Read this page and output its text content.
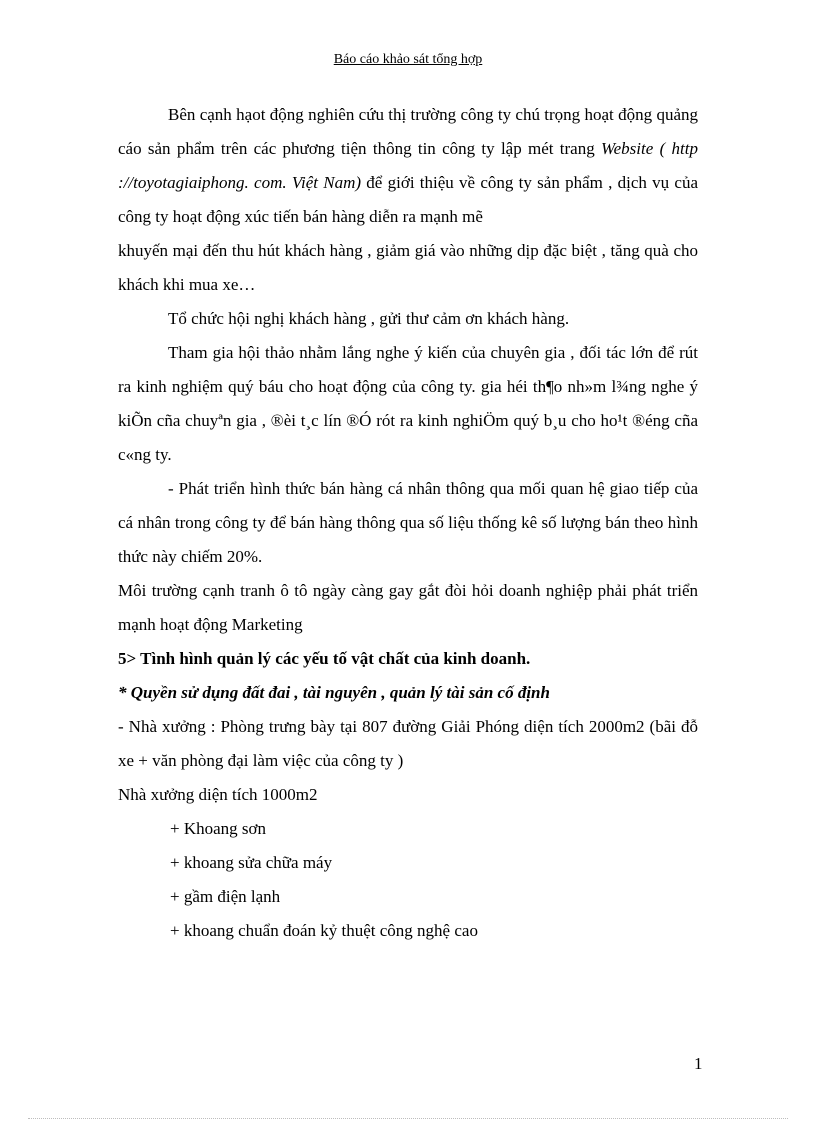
Báo cáo khảo sát tổng hợp

Bên cạnh hạot động nghiên cứu thị trường công ty chú trọng hoạt động quảng cáo sản phẩm trên các phương tiện thông tin công ty lập mét trang Website ( http ://toyotagiaiphong. com. Việt Nam) để giới thiệu về công ty sản phẩm , dịch vụ của công ty hoạt động xúc tiến bán hàng diễn ra mạnh mẽ

khuyến mại đến thu hút khách hàng , giảm giá vào những dịp đặc biệt , tăng quà cho khách khi mua xe…

Tổ chức hội nghị khách hàng , gửi thư cảm ơn khách hàng.

Tham gia hội thảo nhằm lắng nghe ý kiến của chuyên gia , đối tác lớn để rút ra kinh nghiệm quý báu cho hoạt động của công ty. gia héi th¶o nh»m l¾ng nghe ý kiÕn cña chuyªn gia , ®èi t¸c lín ®Ó rót ra kinh nghiÖm quý b¸u cho ho¹t ®éng cña c«ng ty.

- Phát triển hình thức bán hàng cá nhân thông qua mối quan hệ giao tiếp của cá nhân trong công ty để bán hàng thông qua số liệu thống kê số lượng bán theo hình thức này chiếm 20%.

Môi trường cạnh tranh ô tô ngày càng gay gắt đòi hỏi doanh nghiệp phải phát triển mạnh hoạt động Marketing

5> Tình hình quản lý các yếu tố vật chất của kinh doanh.

* Quyền sử dụng đất đai , tài nguyên , quản lý tài sản cố định

- Nhà xưởng : Phòng trưng bày tại 807 đường Giải Phóng diện tích 2000m2 (bãi đỗ xe + văn phòng đại làm việc của công ty )

Nhà xưởng diện tích 1000m2

+ Khoang sơn

+ khoang sửa chữa máy

+ gầm điện lạnh

+ khoang chuẩn đoán kỷ thuệt công nghệ cao

1
